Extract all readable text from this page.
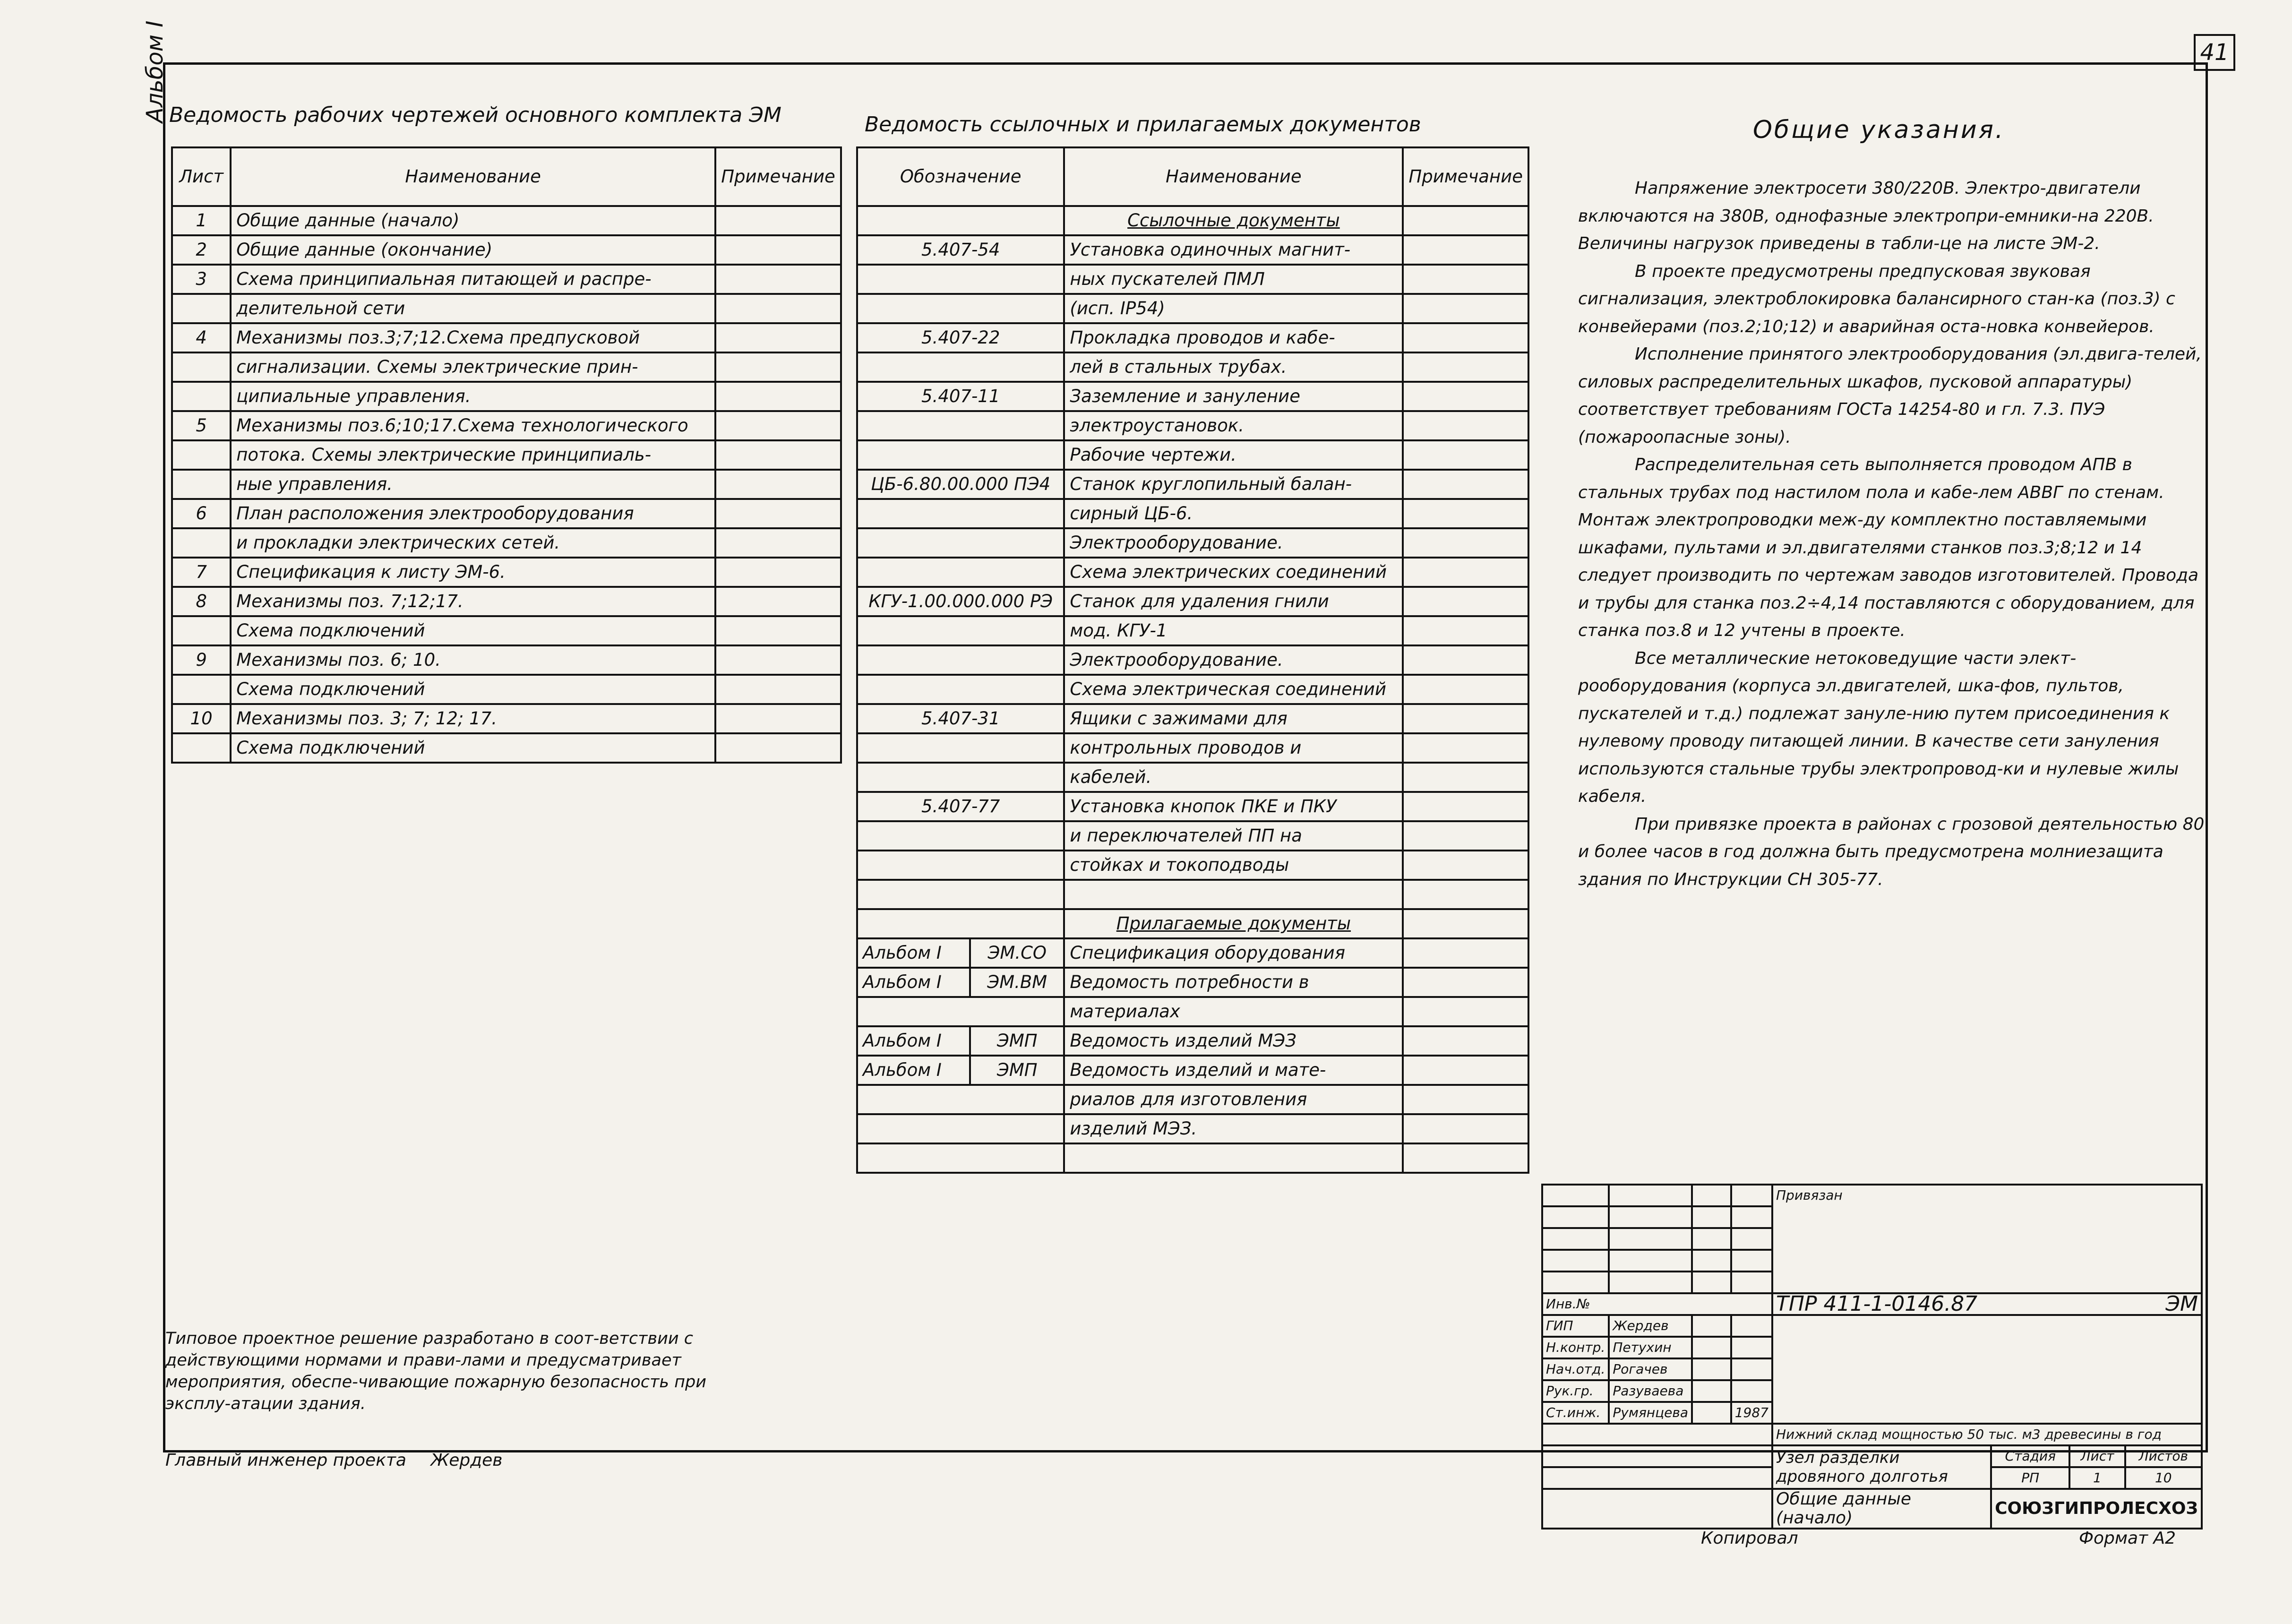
41
Альбом I Ведомость рабочих чертежей основного комплекта ЭМ
Лист	Наименование	Примечание
1	Общие данные (начало)	
2	Общие данные (окончание)	
3	Схема принципиальная питающей и распре-	
	делительной сети	
4	Механизмы поз.3;7;12.Схема предпусковой	
	сигнализации. Схемы электрические прин-	
	ципиальные управления.	
5	Механизмы поз.6;10;17.Схема технологического	
	потока. Схемы электрические принципиаль-	
	ные управления.	
6	План расположения электрооборудования	
	и прокладки электрических сетей.	
7	Спецификация к листу ЭМ-6.	
8	Механизмы поз. 7;12;17.	
	Схема подключений	
9	Механизмы поз. 6; 10.	
	Схема подключений	
10	Механизмы поз. 3; 7; 12; 17.	
	Схема подключений	
Ведомость ссылочных и прилагаемых документов
Обозначение		Наименование	Примечание
		Ссылочные документы	
5.407-54		Установка одиночных магнит-	
		ных пускателей ПМЛ	
		(исп. IP54)	
5.407-22		Прокладка проводов и кабе-	
		лей в стальных трубах.	
5.407-11		Заземление и зануление	
		электроустановок.	
		Рабочие чертежи.	
ЦБ-6.80.00.000 ПЭ4		Станок круглопильный балан-	
		сирный ЦБ-6.	
		Электрооборудование.	
		Схема электрических соединений	
КГУ-1.00.000.000 РЭ		Станок для удаления гнили	
		мод. КГУ-1	
		Электрооборудование.	
		Схема электрическая соединений	
5.407-31		Ящики с зажимами для	
		контрольных проводов и	
		кабелей.	
5.407-77		Установка кнопок ПКЕ и ПКУ	
		и переключателей ПП на	
		стойках и токоподводы	

		Прилагаемые документы	
Альбом I	ЭМ.СО	Спецификация оборудования	
Альбом I	ЭМ.ВМ	Ведомость потребности в	
		материалах	
Альбом I	ЭМП	Ведомость изделий МЭЗ	
Альбом I	ЭМП	Ведомость изделий и мате-	
		риалов для изготовления	
		изделий МЭЗ.	

Общие указания.

Напряжение электросети 380/220В. Электро-двигатели включаются на 380В, однофазные электропри-емники-на 220В. Величины нагрузок приведены в табли-це на листе ЭМ-2.

В проекте предусмотрены предпусковая звуковая сигнализация, электроблокировка балансирного стан-ка (поз.3) с конвейерами (поз.2;10;12) и аварийная оста-новка конвейеров.

Исполнение принятого электрооборудования (эл.двига-телей, силовых распределительных шкафов, пусковой аппаратуры) соответствует требованиям ГОСТа 14254-80 и гл. 7.3. ПУЭ (пожароопасные зоны).

Распределительная сеть выполняется проводом АПВ в стальных трубах под настилом пола и кабе-лем АВВГ по стенам. Монтаж электропроводки меж-ду комплектно поставляемыми шкафами, пультами и эл.двигателями станков поз.3;8;12 и 14 следует производить по чертежам заводов изготовителей. Провода и трубы для станка поз.2÷4,14 поставляются с оборудованием, для станка поз.8 и 12 учтены в проекте.

Все металлические нетоковедущие части элект-рооборудования (корпуса эл.двигателей, шка-фов, пультов, пускателей и т.д.) подлежат зануле-нию путем присоединения к нулевому проводу питающей линии. В качестве сети зануления используются стальные трубы электропровод-ки и нулевые жилы кабеля.

При привязке проекта в районах с грозовой деятельностью 80 и более часов в год должна быть предусмотрена молниезащита здания по Инструкции СН 305-77.

Типовое проектное решение разработано в соот-ветствии с действующими нормами и прави-лами и предусматривает мероприятия, обеспе-чивающие пожарную безопасность при эксплу-атации здания.
Главный инженер проекта Жердев
				Привязан			

Инв.№				ТПР 411-1-0146.87 ЭМ			

ГИП	Жердев						
Н.контр.	Петухин						
Нач.отд.	Рогачев						
Рук.гр.	Разуваева						
Ст.инж.	Румянцева		1987				
				Нижний склад мощностью 50 тыс. м3 древесины в год			
				Узел разделки дровяного долготья	Стадия	Лист	Листов
					РП	1	10
				Общие данные (начало)	СОЮЗГИПРОЛЕСХОЗ		
Копировал	Формат А2
